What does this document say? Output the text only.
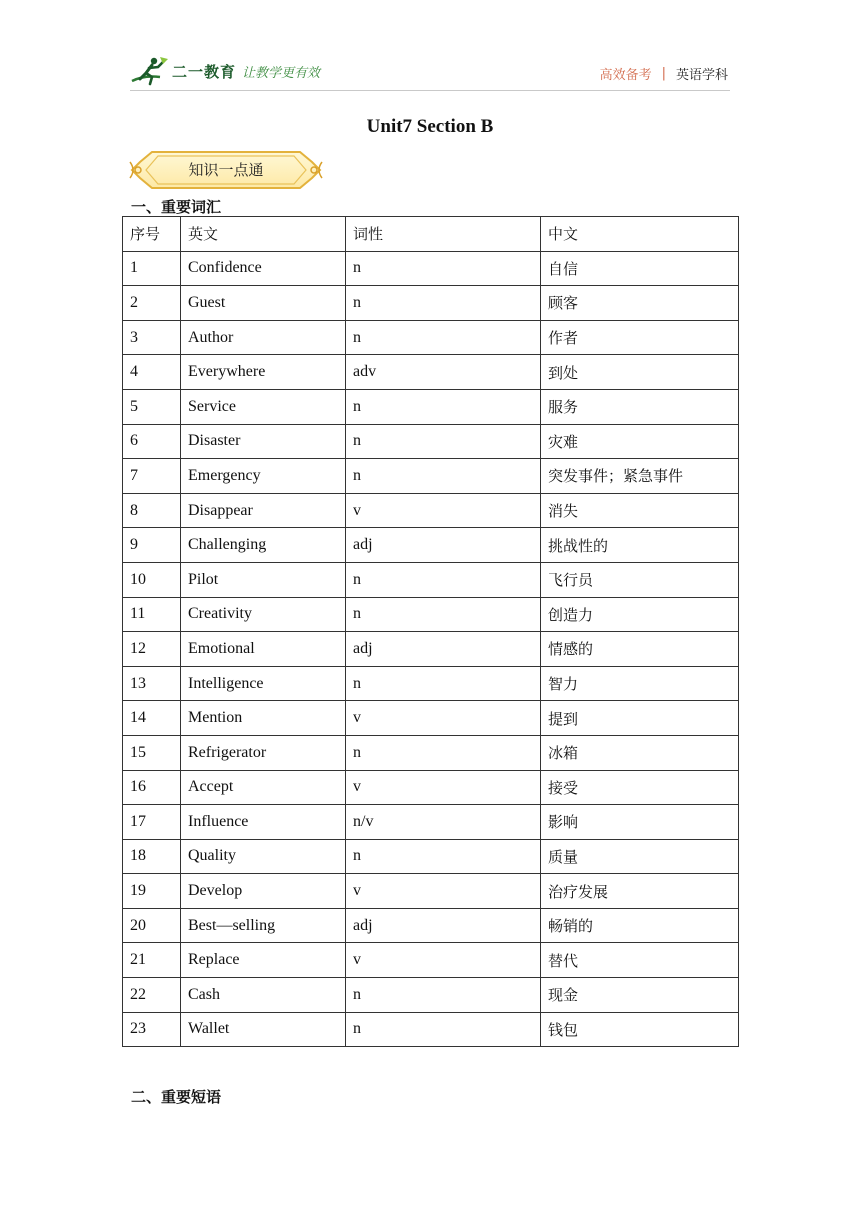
二一教育 让教学更有效	高效备考 | 英语学科
Unit7 Section B
知识一点通
一、重要词汇
序号	英文	词性	中文
1	Confidence	n	自信
2	Guest	n	顾客
3	Author	n	作者
4	Everywhere	adv	到处
5	Service	n	服务
6	Disaster	n	灾难
7	Emergency	n	突发事件；紧急事件
8	Disappear	v	消失
9	Challenging	adj	挑战性的
10	Pilot	n	飞行员
11	Creativity	n	创造力
12	Emotional	adj	情感的
13	Intelligence	n	智力
14	Mention	v	提到
15	Refrigerator	n	冰箱
16	Accept	v	接受
17	Influence	n/v	影响
18	Quality	n	质量
19	Develop	v	治疗发展
20	Best—selling	adj	畅销的
21	Replace	v	替代
22	Cash	n	现金
23	Wallet	n	钱包
二、重要短语
